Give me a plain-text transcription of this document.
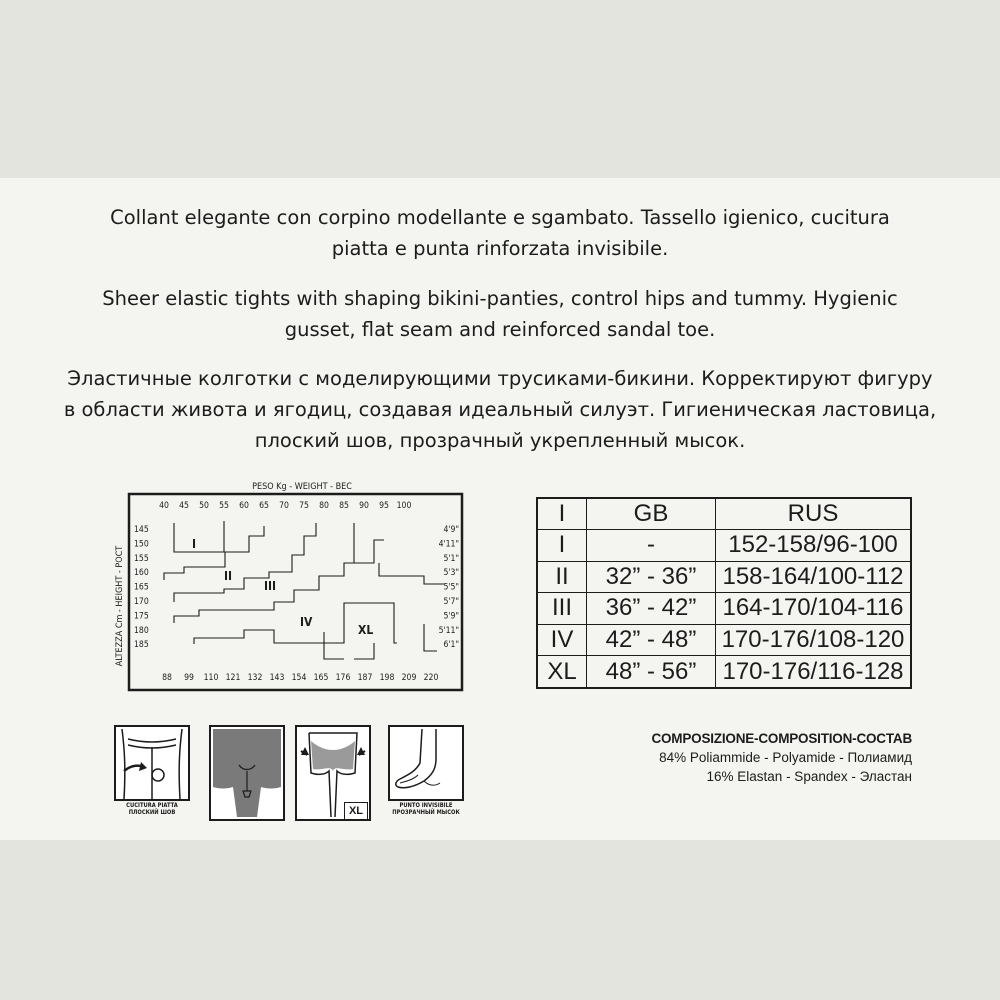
Collant elegante con corpino modellante e sgambato. Tassello igienico, cucitura
piatta e punta rinforzata invisibile.
Sheer elastic tights with shaping bikini-panties, control hips and tummy. Hygienic
gusset, flat seam and reinforced sandal toe.
Эластичные колготки с моделирующими трусиками-бикини. Корректируют фигуру
в области живота и ягодиц, создавая идеальный силуэт. Гигиеническая ластовица,
плоский шов, прозрачный укрепленный мысок.
PESO Kg - WEIGHT - BEC
ALTEZZA Cm - HEIGHT - POCT
40 45 50 55 60 65 70 75 80 85 90 95 100
88 99 110 121 132 143 154 165 176 187 198 209 220
145
150
155
160
165
170
175
180
185
4'9"
4'11"
5'1"
5'3"
5'5"
5'7"
5'9"
5'11"
6'1"
I
II
III
IV
XL
I	GB	RUS
I	-	152-158/96-100
II	32” - 36”	158-164/100-112
III	36” - 42”	164-170/104-116
IV	42” - 48”	170-176/108-120
XL	48” - 56”	170-176/116-128
CUCITURA PIATTA
ПЛОСКИЙ ШОВ	XL	PUNTO INVISIBILE
ПРОЗРАЧНЫЙ МЫСОК
COMPOSIZIONE-COMPOSITION-COCTAB
84% Poliammide - Polyamide - Полиамид
16% Elastan - Spandex - Эластан
